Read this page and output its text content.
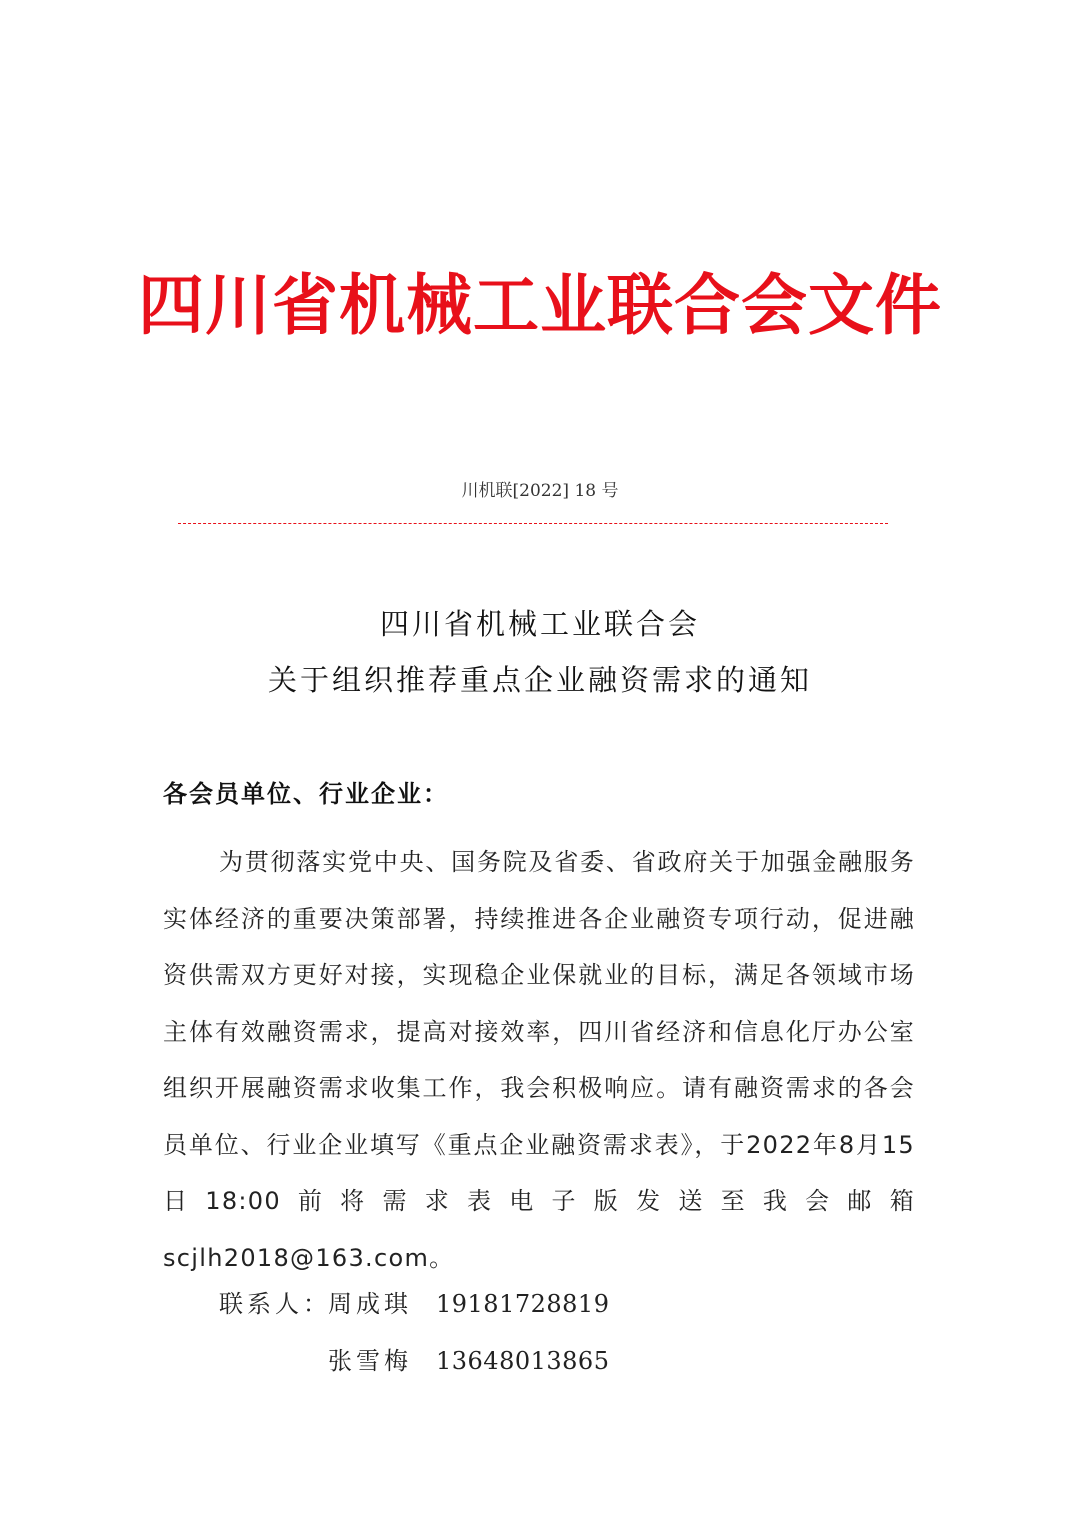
四川省机械工业联合会文件
川机联[2022] 18 号
四川省机械工业联合会
关于组织推荐重点企业融资需求的通知
各会员单位、行业企业：
为贯彻落实党中央、国务院及省委、省政府关于加强金融服务实体经济的重要决策部署，持续推进各企业融资专项行动，促进融资供需双方更好对接，实现稳企业保就业的目标，满足各领域市场主体有效融资需求，提高对接效率，四川省经济和信息化厅办公室组织开展融资需求收集工作，我会积极响应。请有融资需求的各会员单位、行业企业填写《重点企业融资需求表》，于2022年8月15日18:00前将需求表电子版发送至我会邮箱scjlh2018@163.com。
联系人：
周成琪 19181728819
张雪梅 13648013865
